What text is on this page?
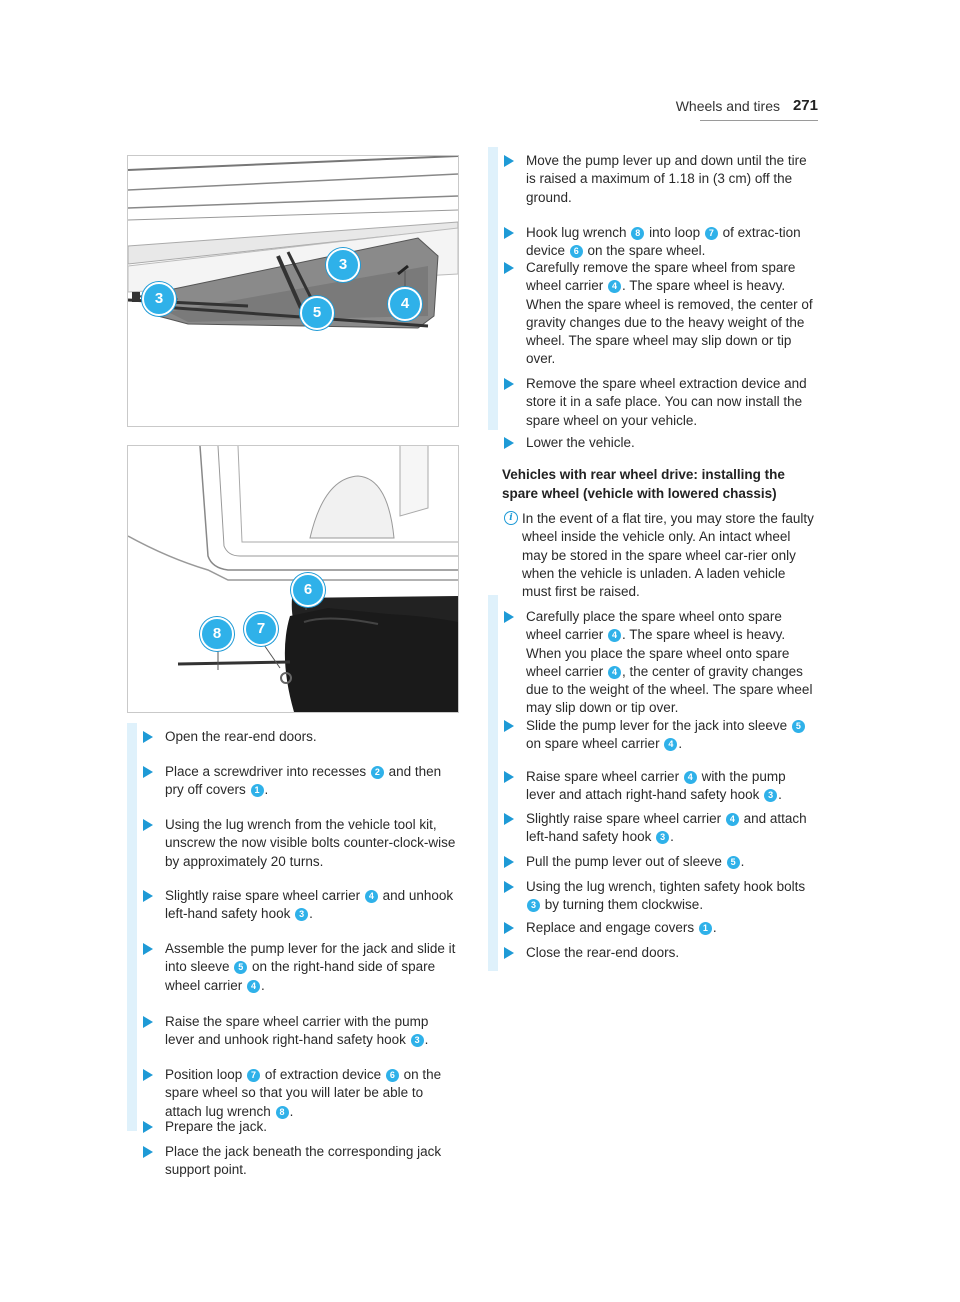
Wheels and tires 271
3
3
5
4
6
7
8
Open the rear-end doors.
Place a screwdriver into recesses 2 and then pry off covers 1 .
Using the lug wrench from the vehicle tool kit, unscrew the now visible bolts counter-clock-wise by approximately 20 turns.
Slightly raise spare wheel carrier 4 and unhook left-hand safety hook 3 .
Assemble the pump lever for the jack and slide it into sleeve 5 on the right-hand side of spare wheel carrier 4 .
Raise the spare wheel carrier with the pump lever and unhook right-hand safety hook 3 .
Position loop 7 of extraction device 6 on the spare wheel so that you will later be able to attach lug wrench 8 .
Prepare the jack.
Place the jack beneath the corresponding jack support point.
Move the pump lever up and down until the tire is raised a maximum of 1.18 in (3 cm) off the ground.
Hook lug wrench 8 into loop 7 of extrac-tion device 6 on the spare wheel.
Carefully remove the spare wheel from spare wheel carrier 4 . The spare wheel is heavy. When the spare wheel is removed, the center of gravity changes due to the heavy weight of the wheel. The spare wheel may slip down or tip over.
Remove the spare wheel extraction device and store it in a safe place. You can now install the spare wheel on your vehicle.
Lower the vehicle.
Vehicles with rear wheel drive: installing the spare wheel (vehicle with lowered chassis)
i In the event of a flat tire, you may store the faulty wheel inside the vehicle only. An intact wheel may be stored in the spare wheel car-rier only when the vehicle is unladen. A laden vehicle must first be raised.
Carefully place the spare wheel onto spare wheel carrier 4 . The spare wheel is heavy. When you place the spare wheel onto spare wheel carrier 4 , the center of gravity changes due to the weight of the wheel. The spare wheel may slip down or tip over.
Slide the pump lever for the jack into sleeve 5 on spare wheel carrier 4 .
Raise spare wheel carrier 4 with the pump lever and attach right-hand safety hook 3 .
Slightly raise spare wheel carrier 4 and attach left-hand safety hook 3 .
Pull the pump lever out of sleeve 5 .
Using the lug wrench, tighten safety hook bolts 3 by turning them clockwise.
Replace and engage covers 1 .
Close the rear-end doors.
